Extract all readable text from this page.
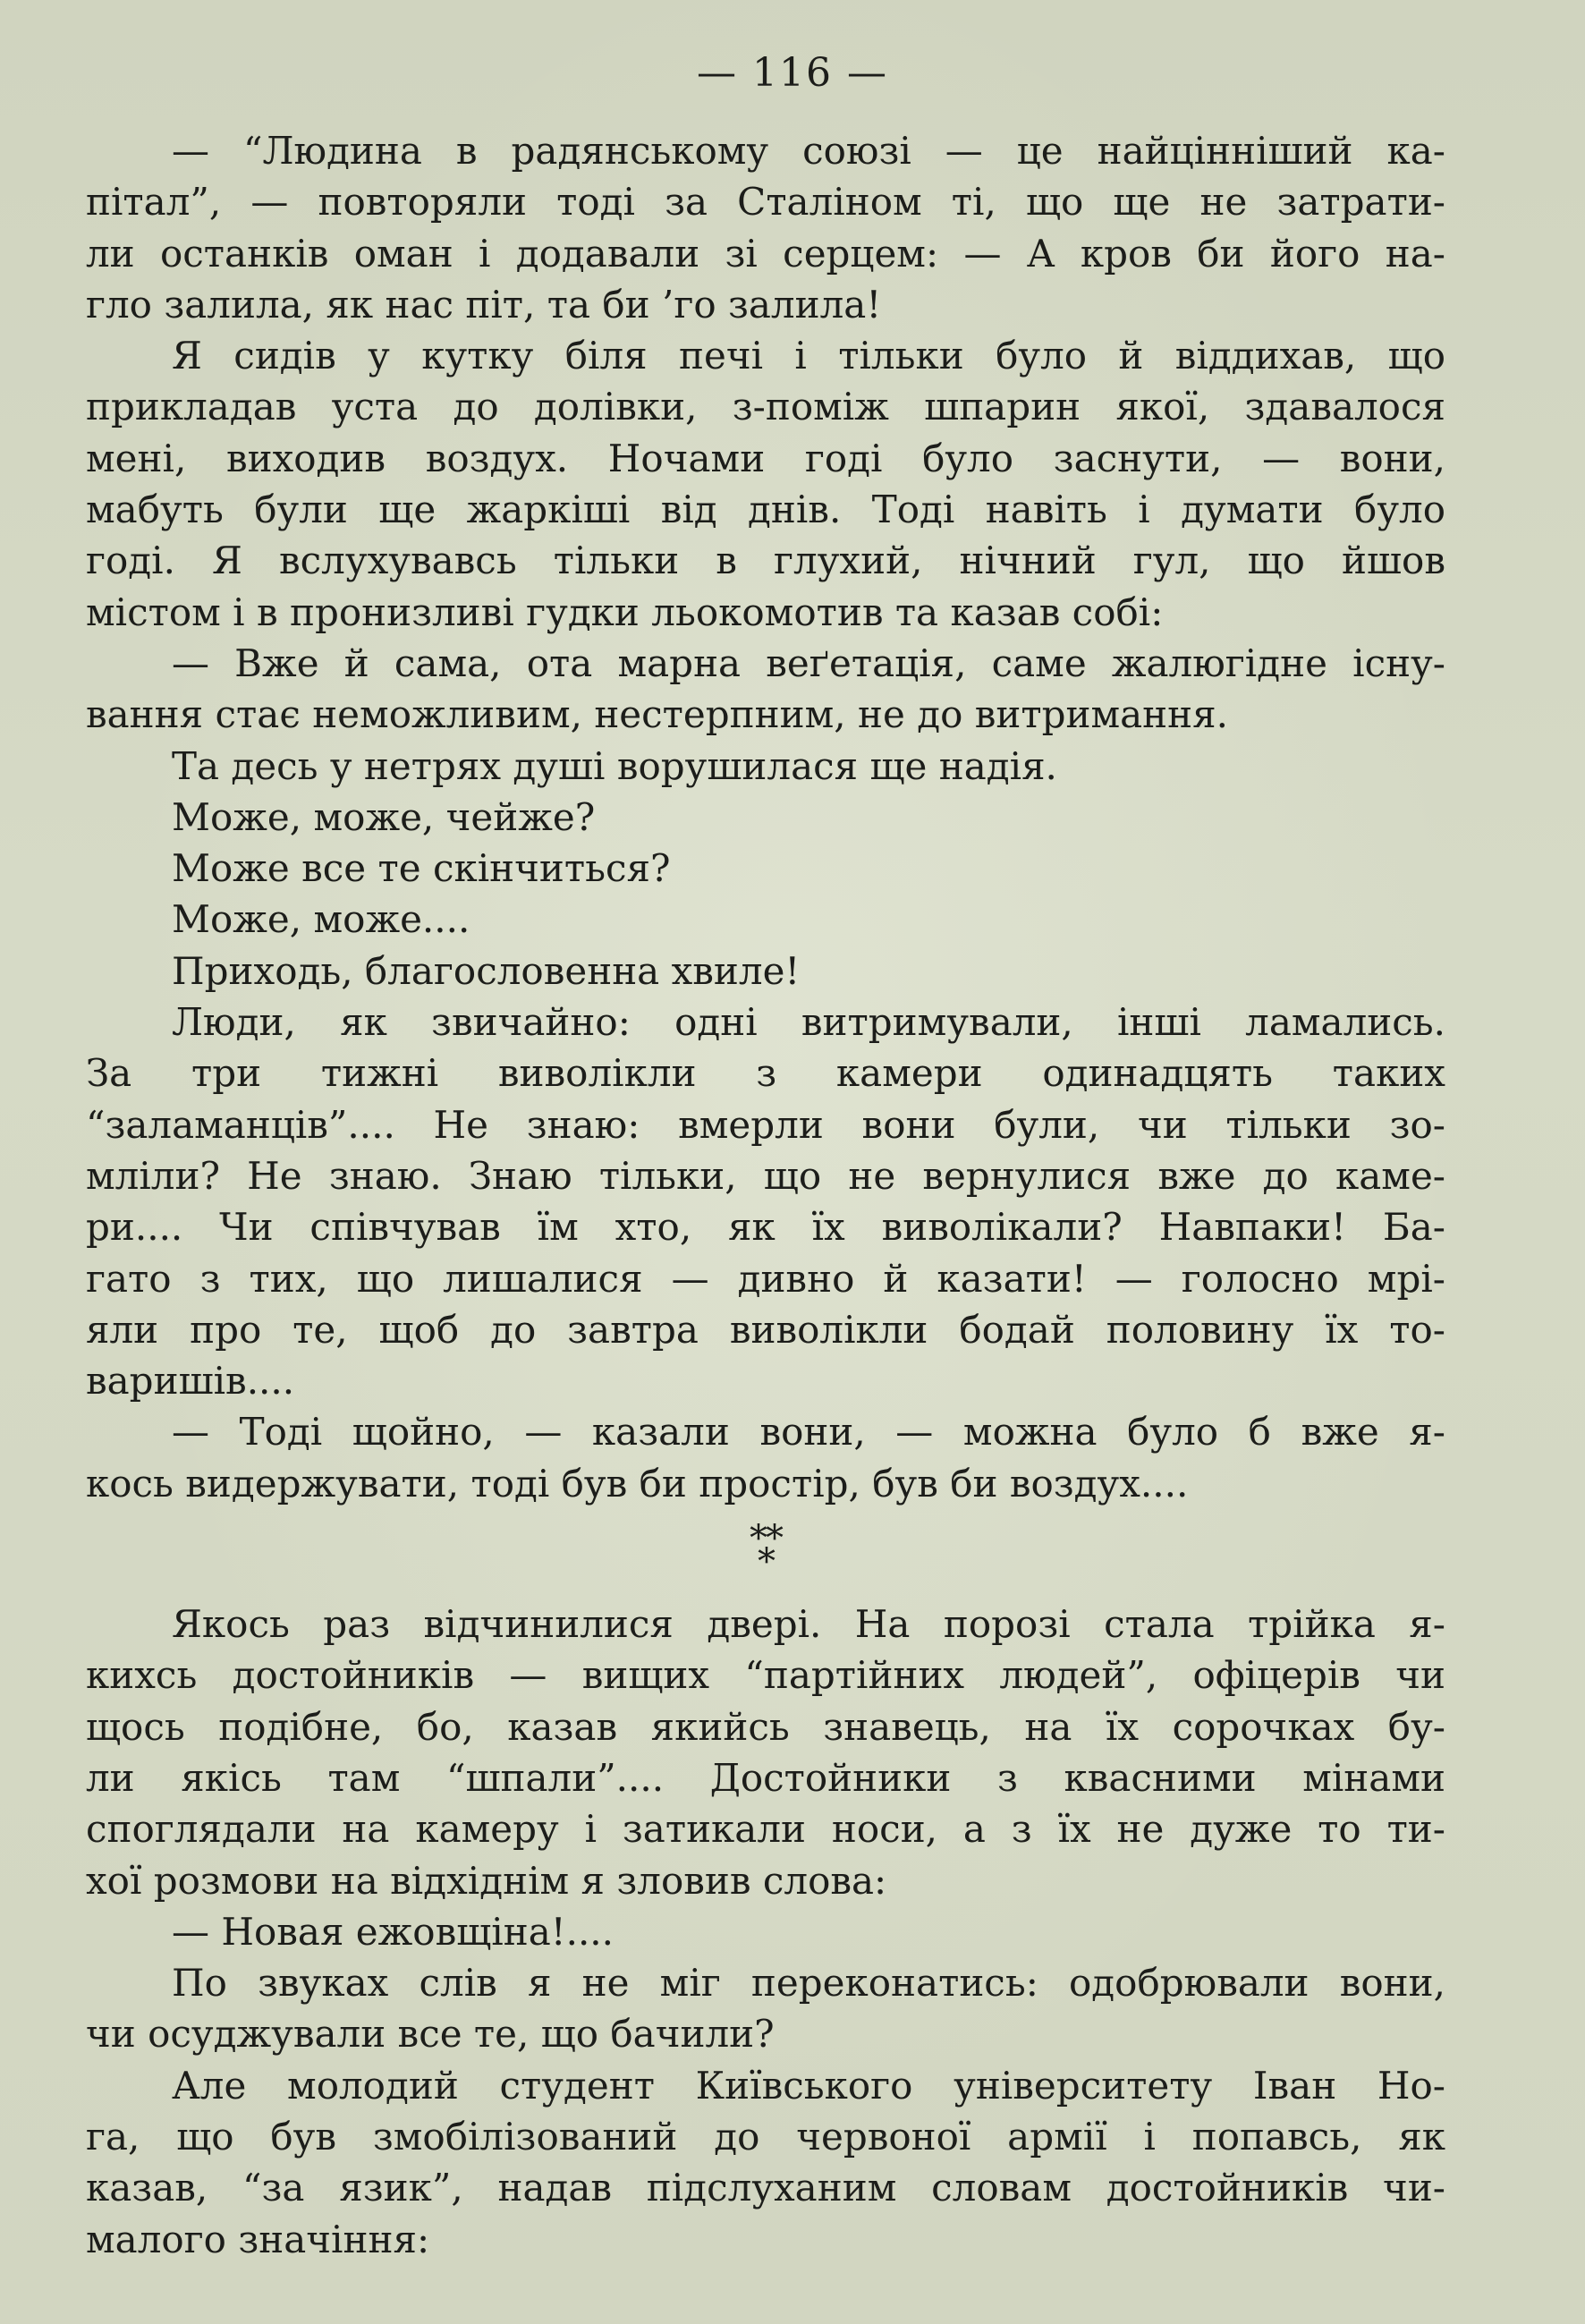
— 116 —

— “Людина в радянському союзі — це найцінніший ка-
пітал”, — повторяли тоді за Сталіном ті, що ще не затрати-
ли останків оман і додавали зі серцем: — А кров би його на-
гло залила, як нас піт, та би ’го залила!
Я сидів у кутку біля печі і тільки було й віддихав, що
прикладав уста до долівки, з-поміж шпарин якої, здавалося
мені, виходив воздух. Ночами годі було заснути, — вони,
мабуть були ще жаркіші від днів. Тоді навіть і думати було
годі. Я вслухувавсь тільки в глухий, нічний гул, що йшов
містом і в пронизливі гудки льокомотив та казав собі:
— Вже й сама, ота марна веґетація, саме жалюгідне існу-
вання стає неможливим, нестерпним, не до витримання.
Та десь у нетрях душі ворушилася ще надія.
Може, може, чейже?
Може все те скінчиться?
Може, може....
Приходь, благословенна хвиле!
Люди, як звичайно: одні витримували, інші ламались.
За три тижні виволікли з камери одинадцять таких
“заламанців”.... Не знаю: вмерли вони були, чи тільки зо-
мліли? Не знаю. Знаю тільки, що не вернулися вже до каме-
ри.... Чи співчував їм хто, як їх виволікали? Навпаки! Ба-
гато з тих, що лишалися — дивно й казати! — голосно мрі-
яли про те, щоб до завтра виволікли бодай половину їх то-
варишів....
— Тоді щойно, — казали вони, — можна було б вже я-
кось видержувати, тоді був би простір, був би воздух....
**
*
Якось раз відчинилися двері. На порозі стала трійка я-
кихсь достойників — вищих “партійних людей”, офіцерів чи
щось подібне, бо, казав якийсь знавець, на їх сорочках бу-
ли якісь там “шпали”.... Достойники з квасними мінами
споглядали на камеру і затикали носи, а з їх не дуже то ти-
хої розмови на відхіднім я зловив слова:
— Новая ежовщіна!....
По звуках слів я не міг переконатись: одобрювали вони,
чи осуджували все те, що бачили?
Але молодий студент Київського університету Іван Но-
га, що був змобілізований до червоної армії і попавсь, як
казав, “за язик”, надав підслуханим словам достойників чи-
малого значіння:
